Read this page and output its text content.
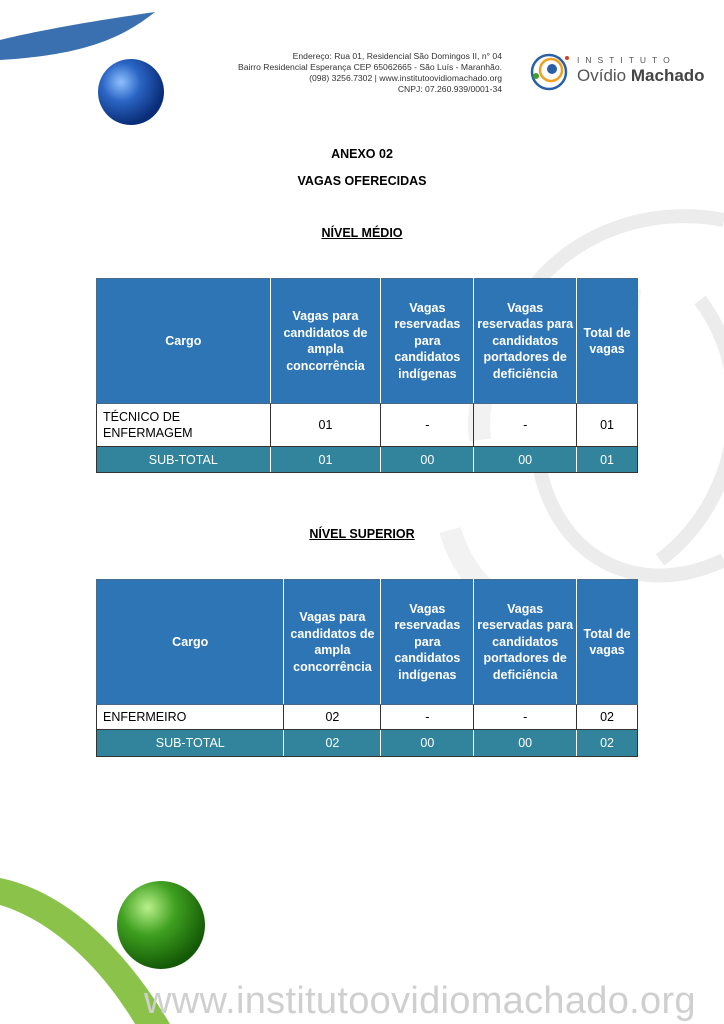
Endereço: Rua 01, Residencial São Domingos II, n° 04
Bairro Residencial Esperança CEP 65062665 - São Luís - Maranhão.
(098) 3256.7302 | www.institutoovidiomachado.org
CNPJ: 07.260.939/0001-34
INSTITUTO
Ovídio Machado
ANEXO 02
VAGAS OFERECIDAS
NÍVEL MÉDIO
Cargo	Vagas para candidatos de ampla concorrência	Vagas reservadas para candidatos indígenas	Vagas reservadas para candidatos portadores de deficiência	Total de vagas
TÉCNICO DE ENFERMAGEM	01	-	-	01
SUB-TOTAL	01	00	00	01
NÍVEL SUPERIOR
Cargo	Vagas para candidatos de ampla concorrência	Vagas reservadas para candidatos indígenas	Vagas reservadas para candidatos portadores de deficiência	Total de vagas
ENFERMEIRO	02	-	-	02
SUB-TOTAL	02	00	00	02
www.institutoovidiomachado.org
